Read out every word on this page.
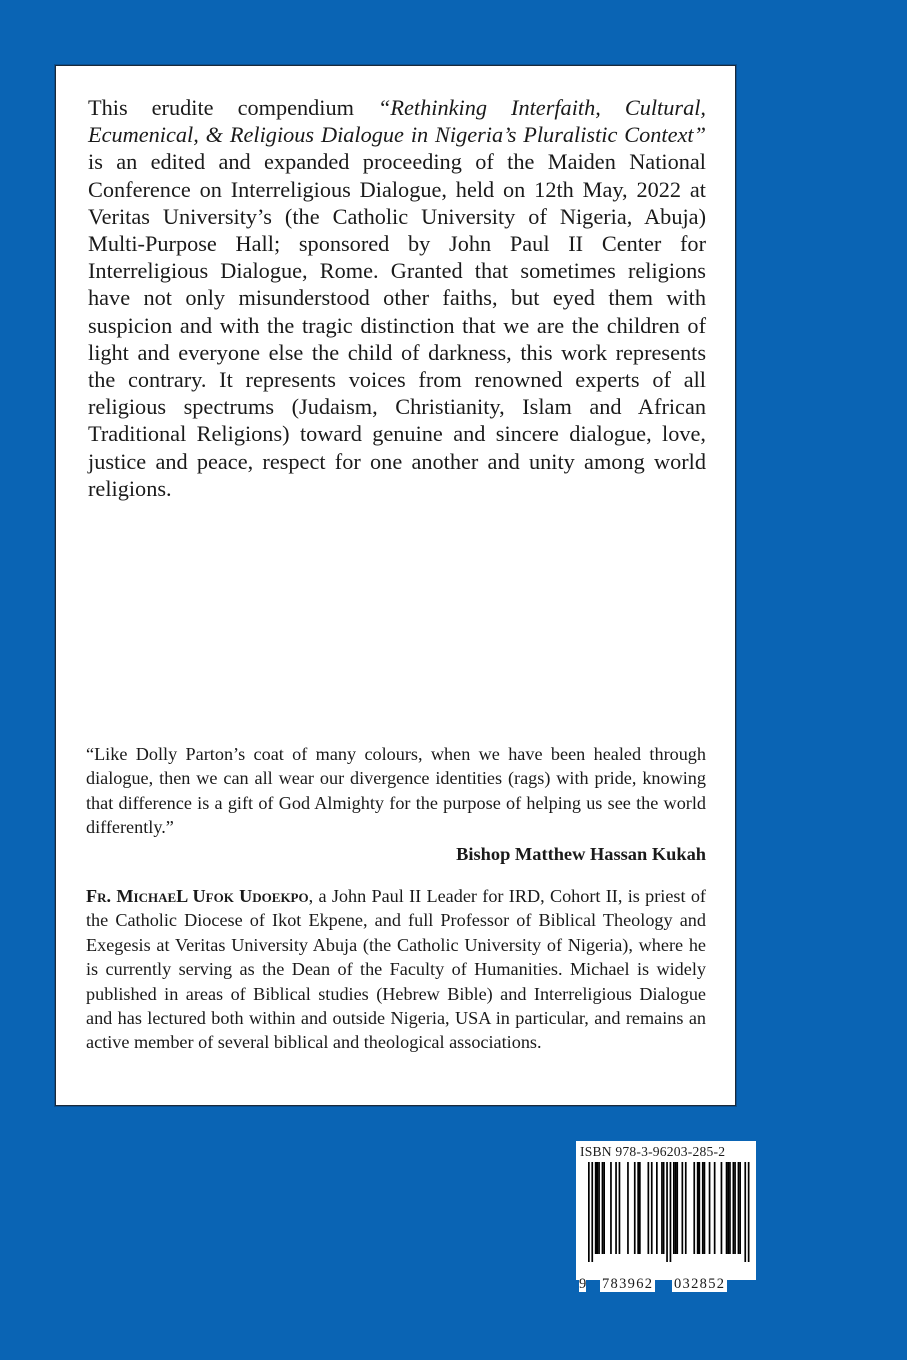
This erudite compendium “Rethinking Interfaith, Cultural, Ecumenical, & Religious Dialogue in Nigeria’s Pluralistic Context” is an edited and expanded proceeding of the Maiden National Conference on Interreligious Dialogue, held on 12th May, 2022 at Veritas University’s (the Catholic University of Nigeria, Abuja) Multi-Purpose Hall; sponsored by John Paul II Center for Interreligious Dialogue, Rome. Granted that sometimes religions have not only misunderstood other faiths, but eyed them with suspicion and with the tragic distinction that we are the children of light and everyone else the child of darkness, this work represents the contrary. It represents voices from renowned experts of all religious spectrums (Judaism, Christianity, Islam and African Traditional Religions) toward genuine and sincere dialogue, love, justice and peace, respect for one another and unity among world religions.

“Like Dolly Parton’s coat of many colours, when we have been healed through dialogue, then we can all wear our divergence identities (rags) with pride, knowing that difference is a gift of God Almighty for the purpose of helping us see the world differently.”

Bishop Matthew Hassan Kukah

Fr. MichaeL Ufok Udoekpo, a John Paul II Leader for IRD, Cohort II, is priest of the Catholic Diocese of Ikot Ekpene, and full Professor of Biblical Theology and Exegesis at Veritas University Abuja (the Catholic University of Nigeria), where he is currently serving as the Dean of the Faculty of Humanities. Michael is widely published in areas of Biblical studies (Hebrew Bible) and Interreligious Dialogue and has lectured both within and outside Nigeria, USA in particular, and remains an active member of several biblical and theological associations.

ISBN 978-3-96203-285-2
9 783962 032852
